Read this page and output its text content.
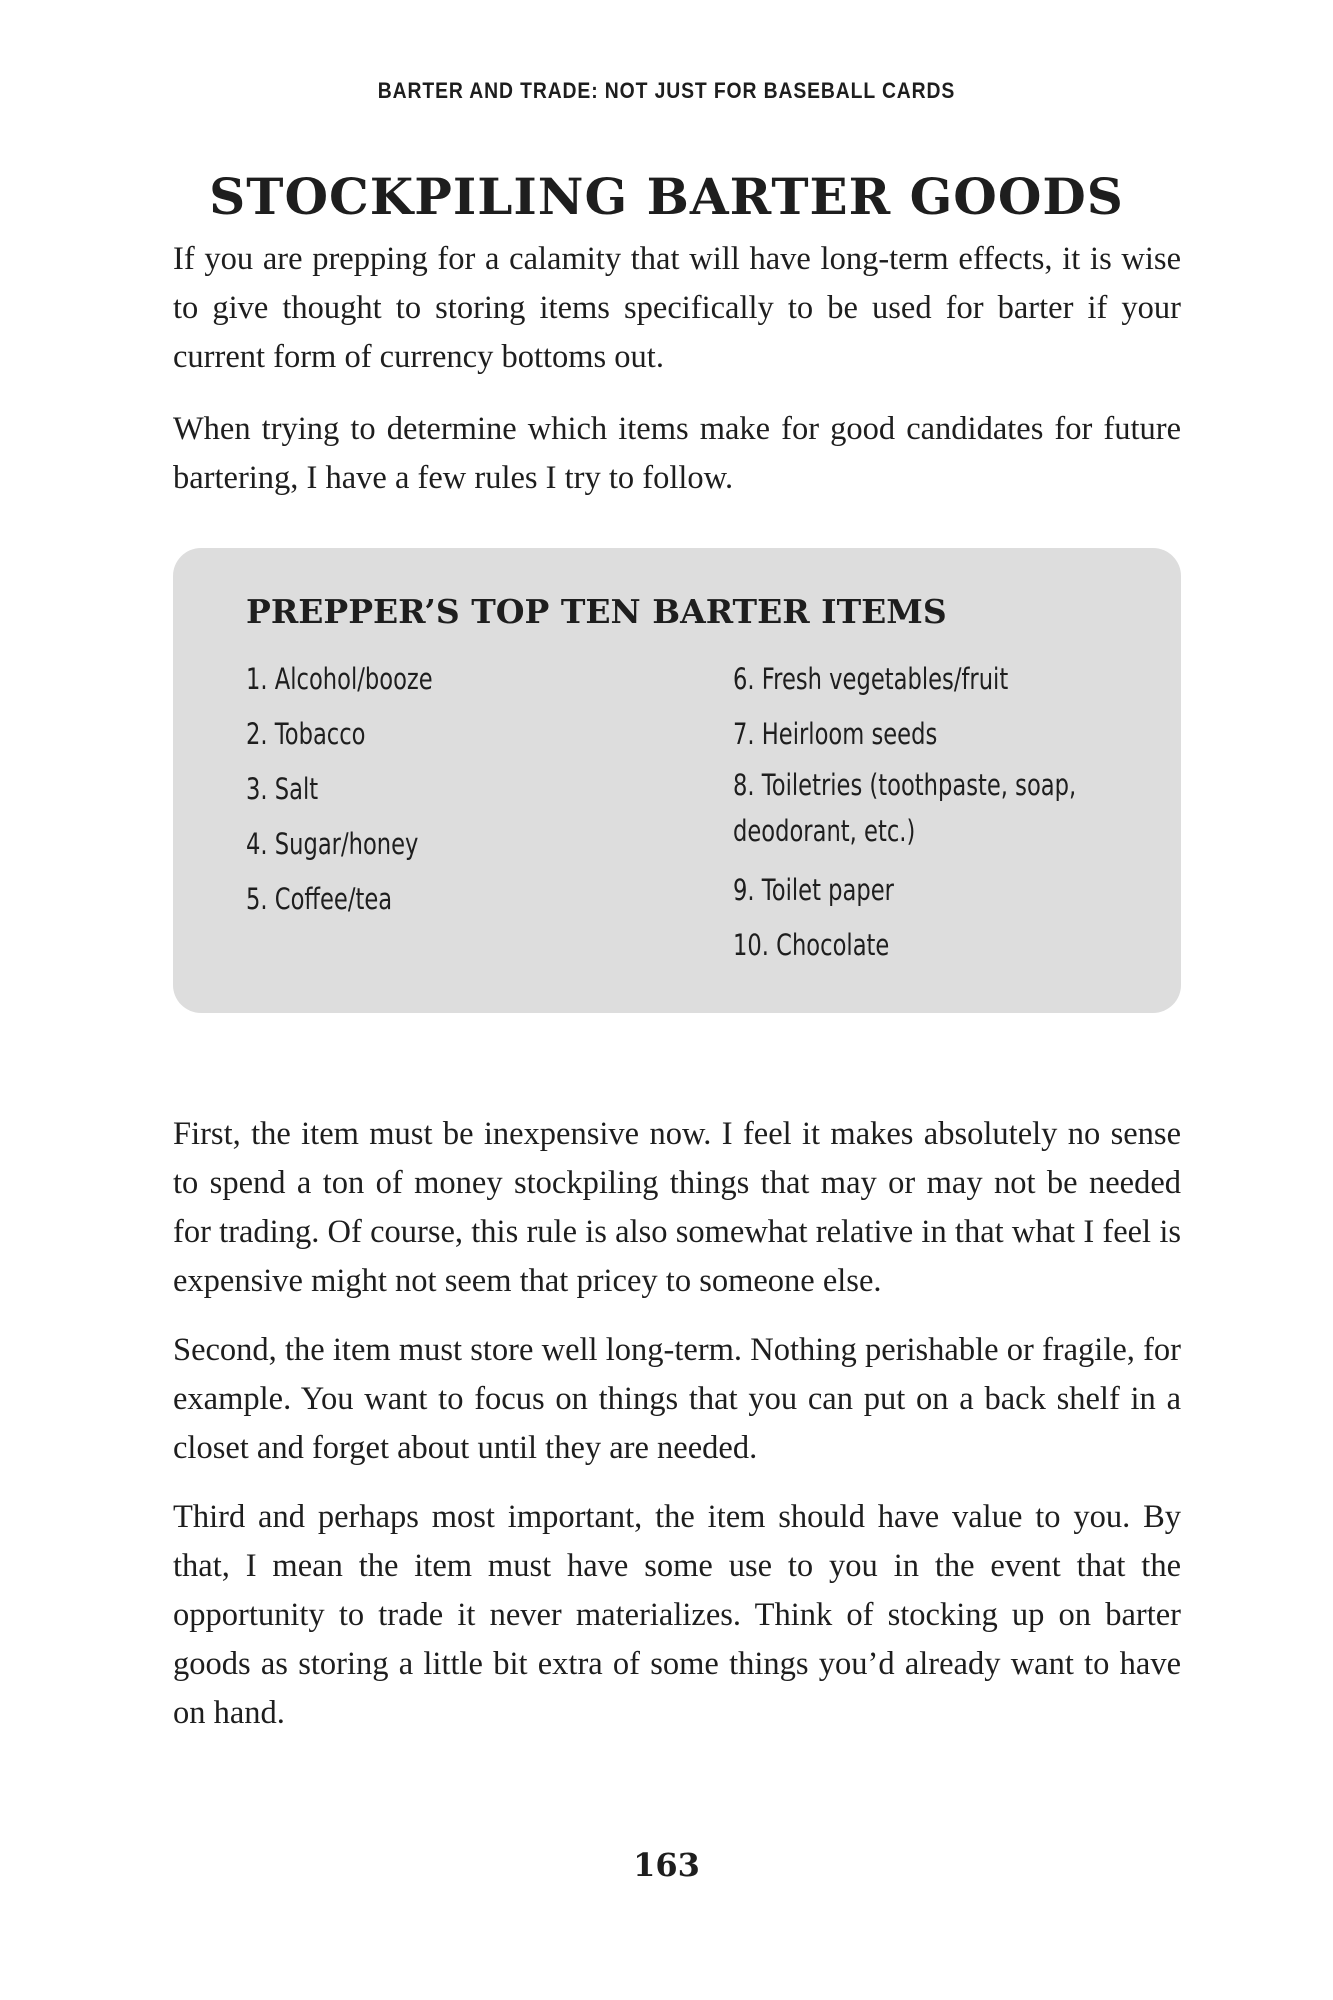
BARTER AND TRADE: NOT JUST FOR BASEBALL CARDS
STOCKPILING BARTER GOODS

If you are prepping for a calamity that will have long-term effects, it is wise to give thought to storing items specifically to be used for barter if your current form of currency bottoms out.

When trying to determine which items make for good candidates for future bartering, I have a few rules I try to follow.

PREPPER’S TOP TEN BARTER ITEMS
1. Alcohol/booze
2. Tobacco
3. Salt
4. Sugar/honey
5. Coffee/tea
6. Fresh vegetables/fruit
7. Heirloom seeds
8. Toiletries (toothpaste, soap, deodorant, etc.)
9. Toilet paper
10. Chocolate

First, the item must be inexpensive now. I feel it makes absolutely no sense to spend a ton of money stockpiling things that may or may not be needed for trading. Of course, this rule is also somewhat relative in that what I feel is expensive might not seem that pricey to someone else.

Second, the item must store well long-term. Nothing perishable or fragile, for example. You want to focus on things that you can put on a back shelf in a closet and forget about until they are needed.

Third and perhaps most important, the item should have value to you. By that, I mean the item must have some use to you in the event that the opportunity to trade it never materializes. Think of stocking up on barter goods as storing a little bit extra of some things you’d already want to have on hand.

163
